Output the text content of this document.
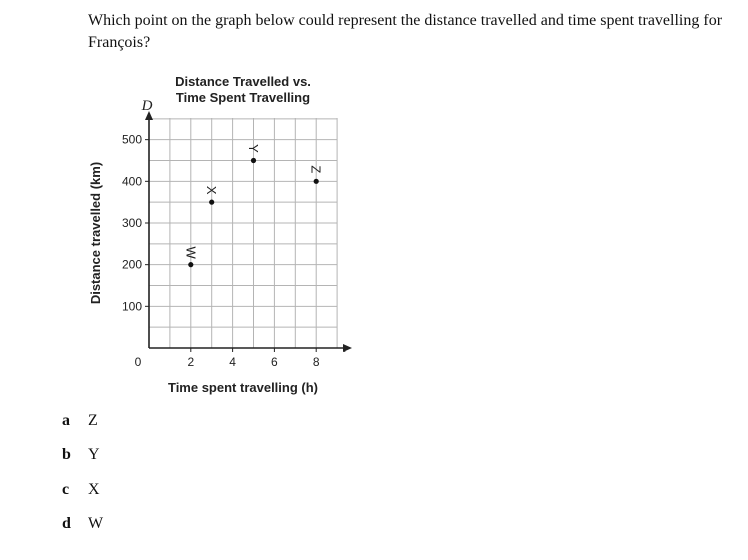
Which point on the graph below could represent the distance travelled and time spent travelling for François?
D
t
100
200
300
400
500
2	4	6	8
0
Distance Travelled vs.
Time Spent Travelling
Time spent travelling (h)
Distance travelled (km)	W
X
Y
Z
a Z
b Y
c X
d W
